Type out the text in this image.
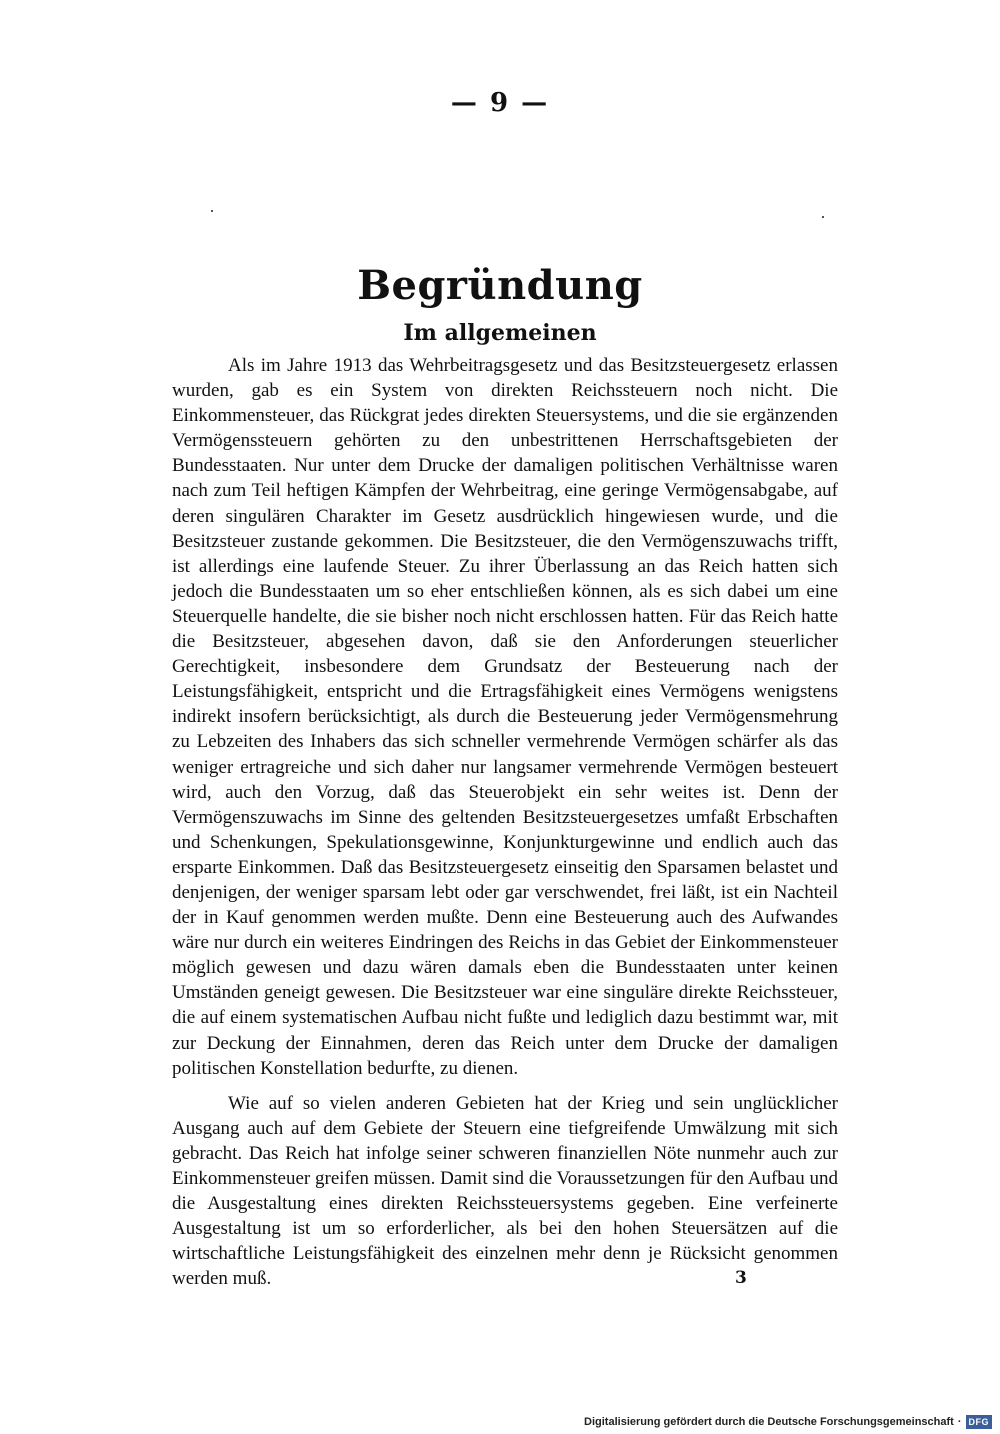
— 9 —
Begründung
Im allgemeinen

Als im Jahre 1913 das Wehrbeitragsgesetz und das Besitzsteuergesetz erlassen wurden, gab es ein System von direkten Reichssteuern noch nicht. Die Einkommensteuer, das Rückgrat jedes direkten Steuersystems, und die sie ergänzenden Vermögenssteuern gehörten zu den unbestrittenen Herrschaftsgebieten der Bundesstaaten. Nur unter dem Drucke der damaligen politischen Verhältnisse waren nach zum Teil heftigen Kämpfen der Wehrbeitrag, eine geringe Vermögensabgabe, auf deren singulären Charakter im Gesetz ausdrücklich hingewiesen wurde, und die Besitzsteuer zustande gekommen. Die Besitzsteuer, die den Vermögenszuwachs trifft, ist allerdings eine laufende Steuer. Zu ihrer Überlassung an das Reich hatten sich jedoch die Bundesstaaten um so eher entschließen können, als es sich dabei um eine Steuerquelle handelte, die sie bisher noch nicht erschlossen hatten. Für das Reich hatte die Besitzsteuer, abgesehen davon, daß sie den Anforderungen steuerlicher Gerechtigkeit, insbesondere dem Grundsatz der Besteuerung nach der Leistungsfähigkeit, entspricht und die Ertragsfähigkeit eines Vermögens wenigstens indirekt insofern berücksichtigt, als durch die Besteuerung jeder Vermögensmehrung zu Lebzeiten des Inhabers das sich schneller vermehrende Vermögen schärfer als das weniger ertragreiche und sich daher nur langsamer vermehrende Vermögen besteuert wird, auch den Vorzug, daß das Steuerobjekt ein sehr weites ist. Denn der Vermögenszuwachs im Sinne des geltenden Besitzsteuergesetzes umfaßt Erbschaften und Schenkungen, Spekulationsgewinne, Konjunkturgewinne und endlich auch das ersparte Einkommen. Daß das Besitzsteuergesetz einseitig den Sparsamen belastet und denjenigen, der weniger sparsam lebt oder gar verschwendet, frei läßt, ist ein Nachteil der in Kauf genommen werden mußte. Denn eine Besteuerung auch des Aufwandes wäre nur durch ein weiteres Eindringen des Reichs in das Gebiet der Einkommensteuer möglich gewesen und dazu wären damals eben die Bundesstaaten unter keinen Umständen geneigt gewesen. Die Besitzsteuer war eine singuläre direkte Reichssteuer, die auf einem systematischen Aufbau nicht fußte und lediglich dazu bestimmt war, mit zur Deckung der Einnahmen, deren das Reich unter dem Drucke der damaligen politischen Konstellation bedurfte, zu dienen.

Wie auf so vielen anderen Gebieten hat der Krieg und sein unglücklicher Ausgang auch auf dem Gebiete der Steuern eine tiefgreifende Umwälzung mit sich gebracht. Das Reich hat infolge seiner schweren finanziellen Nöte nunmehr auch zur Einkommensteuer greifen müssen. Damit sind die Voraussetzungen für den Aufbau und die Ausgestaltung eines direkten Reichssteuersystems gegeben. Eine verfeinerte Ausgestaltung ist um so erforderlicher, als bei den hohen Steuersätzen auf die wirtschaftliche Leistungsfähigkeit des einzelnen mehr denn je Rücksicht genommen werden muß.	3
Digitalisierung gefördert durch die Deutsche Forschungsgemeinschaft · DFG
